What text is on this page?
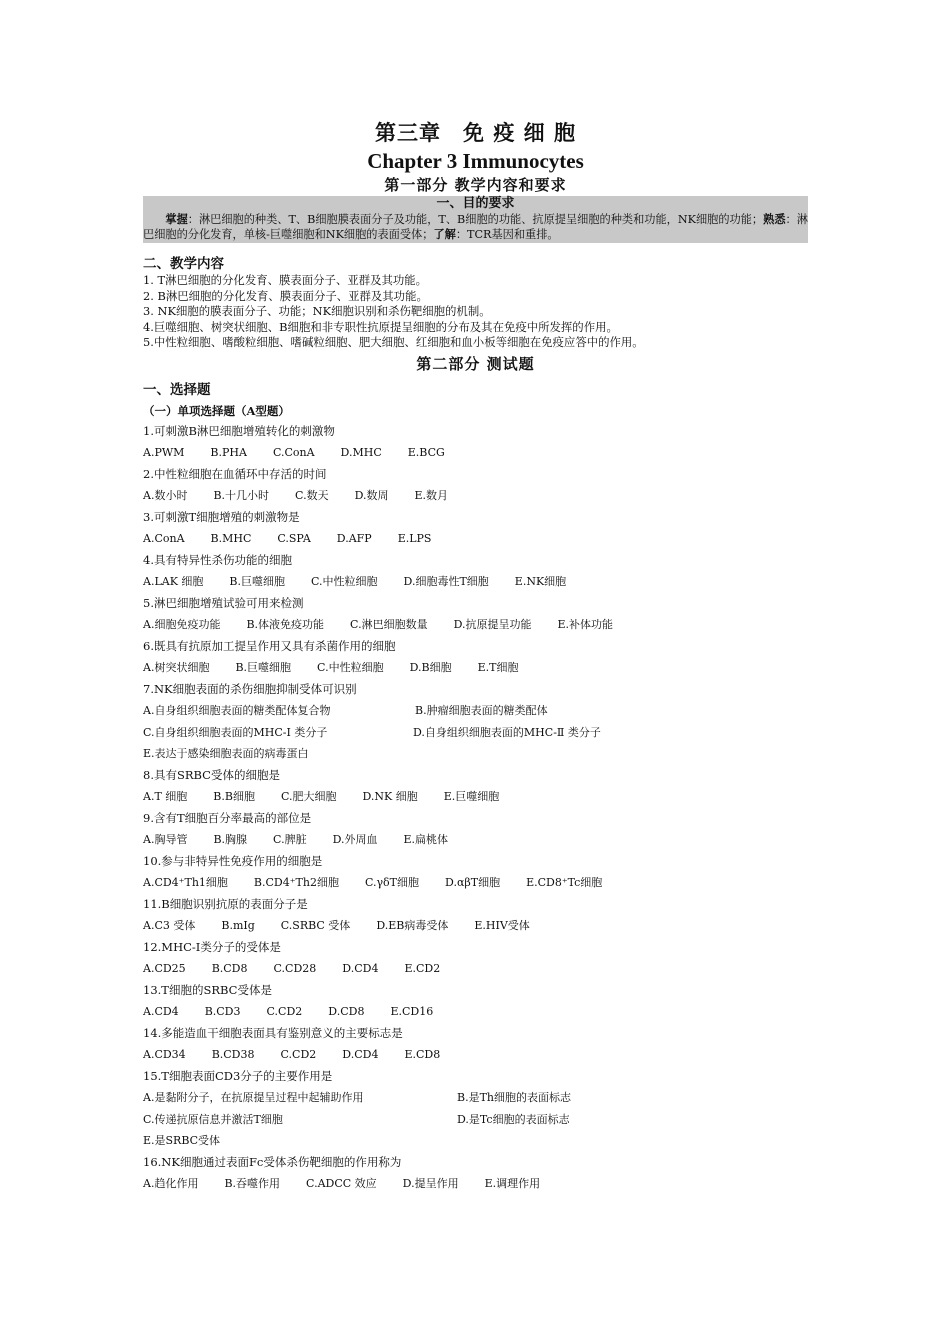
第三章　免 疫 细 胞
Chapter 3 Immunocytes
第一部分 教学内容和要求
一、目的要求
掌握：淋巴细胞的种类、T、B细胞膜表面分子及功能，T、B细胞的功能、抗原提呈细胞的种类和功能，NK细胞的功能；熟悉：淋巴细胞的分化发育，单核-巨噬细胞和NK细胞的表面受体；了解：TCR基因和重排。
二、教学内容
1. T淋巴细胞的分化发育、膜表面分子、亚群及其功能。
2. B淋巴细胞的分化发育、膜表面分子、亚群及其功能。
3. NK细胞的膜表面分子、功能；NK细胞识别和杀伤靶细胞的机制。
4.巨噬细胞、树突状细胞、B细胞和非专职性抗原提呈细胞的分布及其在免疫中所发挥的作用。
5.中性粒细胞、嗜酸粒细胞、嗜碱粒细胞、肥大细胞、红细胞和血小板等细胞在免疫应答中的作用。
第二部分 测试题
一、选择题
（一）单项选择题（A型题）
1.可刺激B淋巴细胞增殖转化的刺激物
A.PWM B.PHA C.ConA D.MHC E.BCG
2.中性粒细胞在血循环中存活的时间
A.数小时 B.十几小时 C.数天 D.数周 E.数月
3.可刺激T细胞增殖的刺激物是
A.ConA B.MHC C.SPA D.AFP E.LPS
4.具有特异性杀伤功能的细胞
A.LAK 细胞 B.巨噬细胞 C.中性粒细胞 D.细胞毒性T细胞 E.NK细胞
5.淋巴细胞增殖试验可用来检测
A.细胞免疫功能 B.体液免疫功能 C.淋巴细胞数量 D.抗原提呈功能 E.补体功能
6.既具有抗原加工提呈作用又具有杀菌作用的细胞
A.树突状细胞 B.巨噬细胞 C.中性粒细胞 D.B细胞 E.T细胞
7.NK细胞表面的杀伤细胞抑制受体可识别
A.自身组织细胞表面的糖类配体复合物	B.肿瘤细胞表面的糖类配体
C.自身组织细胞表面的MHC-Ⅰ 类分子	D.自身组织细胞表面的MHC-Ⅱ 类分子
E.表达于感染细胞表面的病毒蛋白
8.具有SRBC受体的细胞是
A.T 细胞 B.B细胞 C.肥大细胞 D.NK 细胞 E.巨噬细胞
9.含有T细胞百分率最高的部位是
A.胸导管 B.胸腺 C.脾脏 D.外周血 E.扁桃体
10.参与非特异性免疫作用的细胞是
A.CD4⁺Th1细胞 B.CD4⁺Th2细胞 C.γδT细胞 D.αβT细胞 E.CD8⁺Tc细胞
11.B细胞识别抗原的表面分子是
A.C3 受体 B.mIg C.SRBC 受体 D.EB病毒受体 E.HIV受体
12.MHC-I类分子的受体是
A.CD25 B.CD8 C.CD28 D.CD4 E.CD2
13.T细胞的SRBC受体是
A.CD4 B.CD3 C.CD2 D.CD8 E.CD16
14.多能造血干细胞表面具有鉴别意义的主要标志是
A.CD34 B.CD38 C.CD2 D.CD4 E.CD8
15.T细胞表面CD3分子的主要作用是
A.是黏附分子，在抗原提呈过程中起辅助作用	B.是Th细胞的表面标志
C.传递抗原信息并激活T细胞	D.是Tc细胞的表面标志
E.是SRBC受体
16.NK细胞通过表面Fc受体杀伤靶细胞的作用称为
A.趋化作用 B.吞噬作用 C.ADCC 效应 D.提呈作用 E.调理作用
